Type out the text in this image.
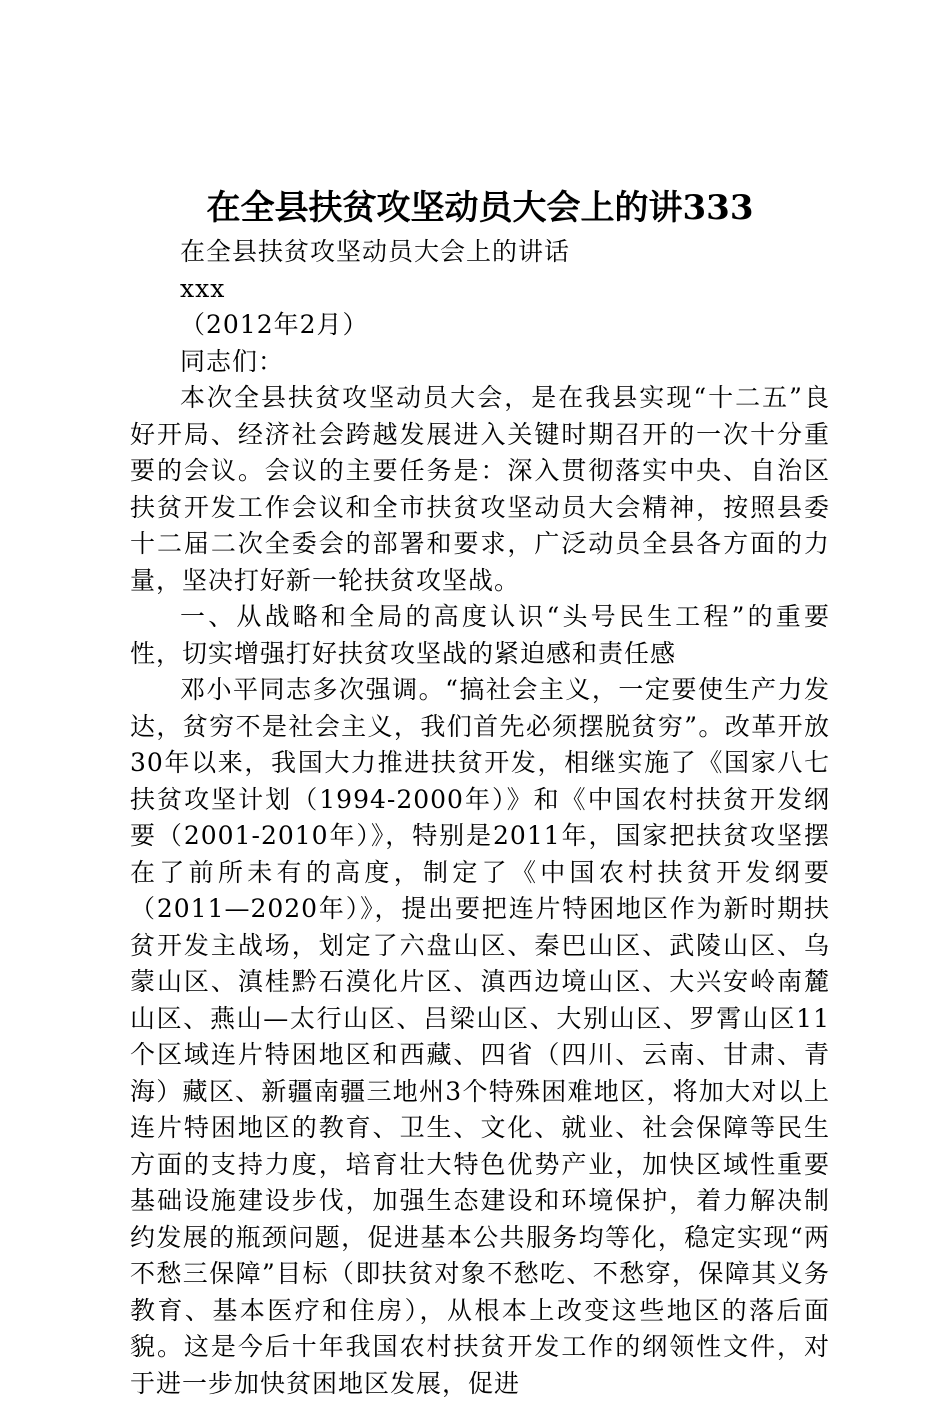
在全县扶贫攻坚动员大会上的讲333

在全县扶贫攻坚动员大会上的讲话

xxx

（2012年2月）

同志们：

本次全县扶贫攻坚动员大会，是在我县实现“十二五”良好开局、经济社会跨越发展进入关键时期召开的一次十分重要的会议。会议的主要任务是：深入贯彻落实中央、自治区扶贫开发工作会议和全市扶贫攻坚动员大会精神，按照县委十二届二次全委会的部署和要求，广泛动员全县各方面的力量，坚决打好新一轮扶贫攻坚战。

一、从战略和全局的高度认识“头号民生工程”的重要性，切实增强打好扶贫攻坚战的紧迫感和责任感

邓小平同志多次强调。“搞社会主义，一定要使生产力发达，贫穷不是社会主义，我们首先必须摆脱贫穷”。改革开放30年以来，我国大力推进扶贫开发，相继实施了《国家八七扶贫攻坚计划（1994-2000年）》和《中国农村扶贫开发纲要（2001-2010年）》，特别是2011年，国家把扶贫攻坚摆在了前所未有的高度，制定了《中国农村扶贫开发纲要（2011—2020年）》，提出要把连片特困地区作为新时期扶贫开发主战场，划定了六盘山区、秦巴山区、武陵山区、乌蒙山区、滇桂黔石漠化片区、滇西边境山区、大兴安岭南麓山区、燕山—太行山区、吕梁山区、大别山区、罗霄山区11个区域连片特困地区和西藏、四省（四川、云南、甘肃、青海）藏区、新疆南疆三地州3个特殊困难地区，将加大对以上连片特困地区的教育、卫生、文化、就业、社会保障等民生方面的支持力度，培育壮大特色优势产业，加快区域性重要基础设施建设步伐，加强生态建设和环境保护，着力解决制约发展的瓶颈问题，促进基本公共服务均等化，稳定实现“两不愁三保障”目标（即扶贫对象不愁吃、不愁穿，保障其义务教育、基本医疗和住房），从根本上改变这些地区的落后面貌。这是今后十年我国农村扶贫开发工作的纲领性文件，对于进一步加快贫困地区发展，促进
